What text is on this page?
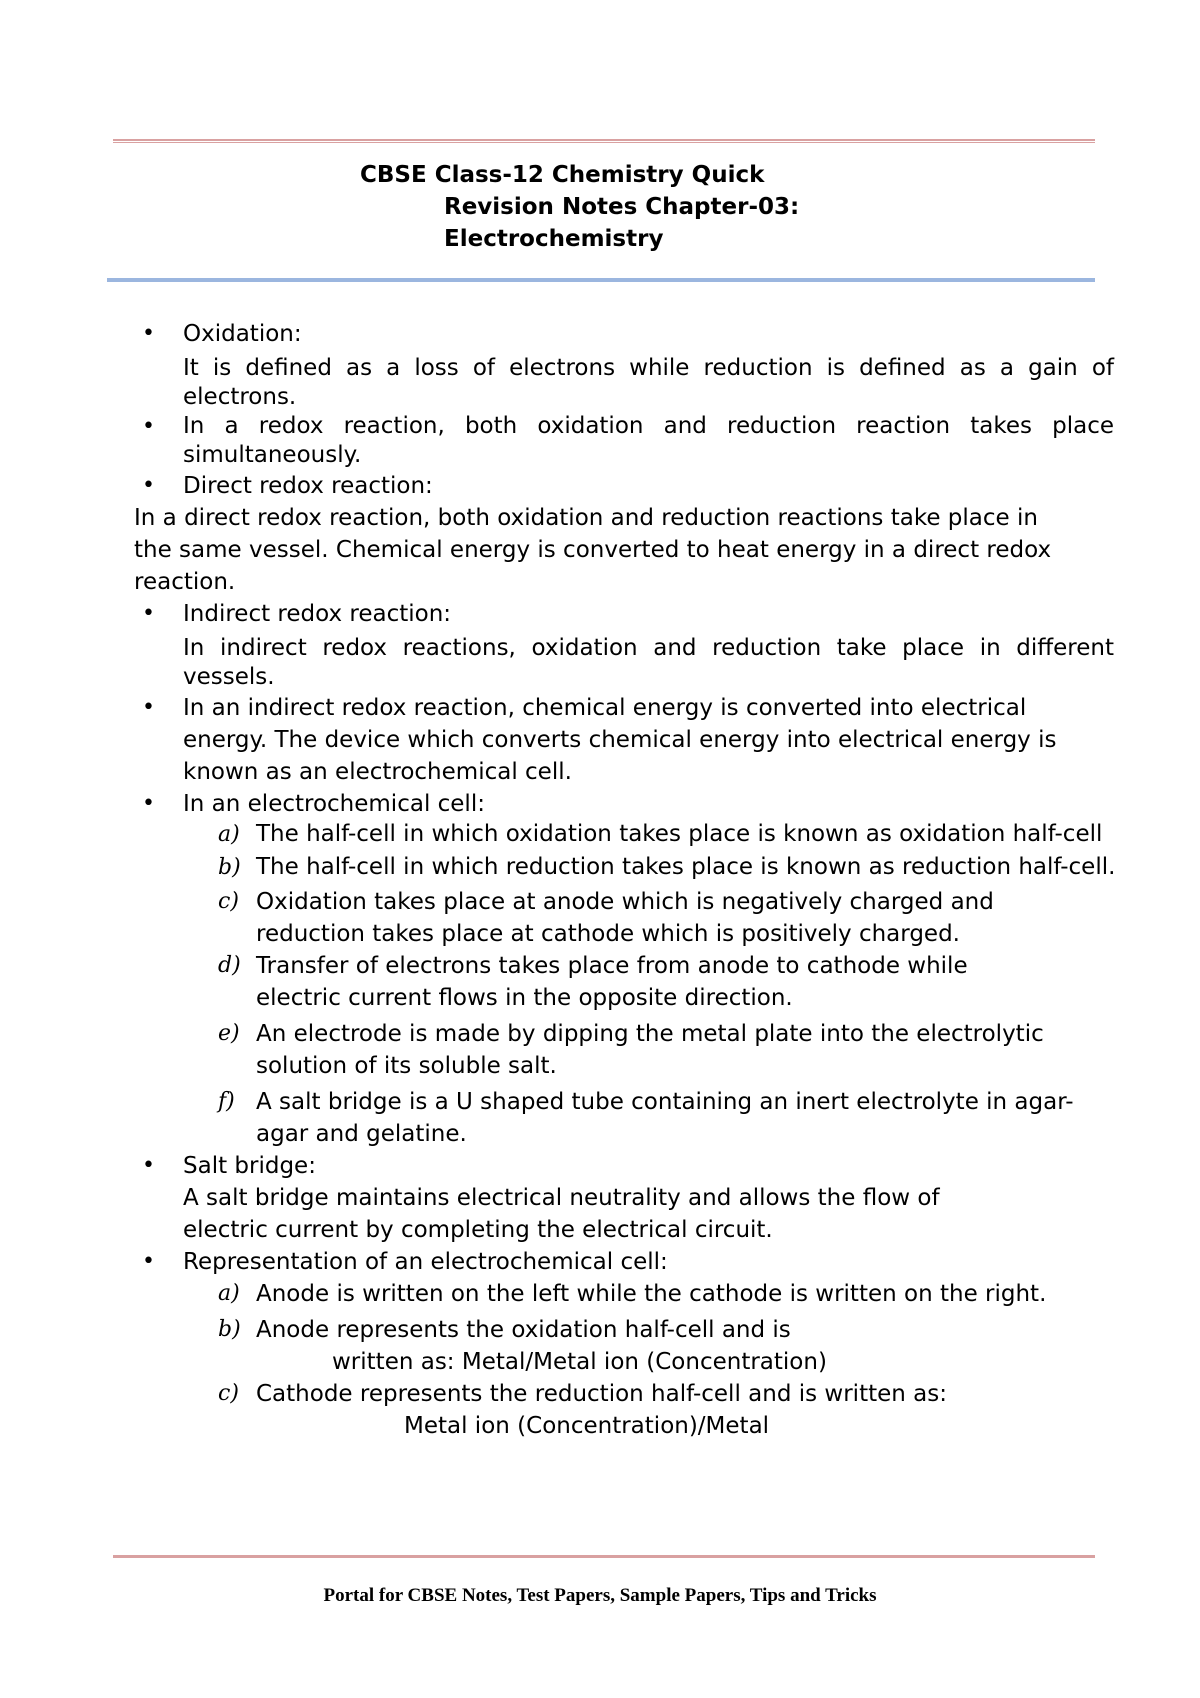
CBSE Class-12 Chemistry Quick
Revision Notes Chapter-03:
Electrochemistry
• Oxidation:
It is defined as a loss of electrons while reduction is defined as a gain of electrons.
• In a redox reaction, both oxidation and reduction reaction takes place simultaneously.
• Direct redox reaction:
In a direct redox reaction, both oxidation and reduction reactions take place in the same vessel. Chemical energy is converted to heat energy in a direct redox reaction.
• Indirect redox reaction:
In indirect redox reactions, oxidation and reduction take place in different vessels.
• In an indirect redox reaction, chemical energy is converted into electrical energy. The device which converts chemical energy into electrical energy is known as an electrochemical cell.
• In an electrochemical cell:
a) The half-cell in which oxidation takes place is known as oxidation half-cell
b) The half-cell in which reduction takes place is known as reduction half-cell.
c) Oxidation takes place at anode which is negatively charged and reduction takes place at cathode which is positively charged.
d) Transfer of electrons takes place from anode to cathode while electric current flows in the opposite direction.
e) An electrode is made by dipping the metal plate into the electrolytic solution of its soluble salt.
f) A salt bridge is a U shaped tube containing an inert electrolyte in agar-agar and gelatine.
• Salt bridge:
A salt bridge maintains electrical neutrality and allows the flow of electric current by completing the electrical circuit.
• Representation of an electrochemical cell:
a) Anode is written on the left while the cathode is written on the right.
b) Anode represents the oxidation half-cell and is
written as: Metal/Metal ion (Concentration)
c) Cathode represents the reduction half-cell and is written as:
Metal ion (Concentration)/Metal
Portal for CBSE Notes, Test Papers, Sample Papers, Tips and Tricks
